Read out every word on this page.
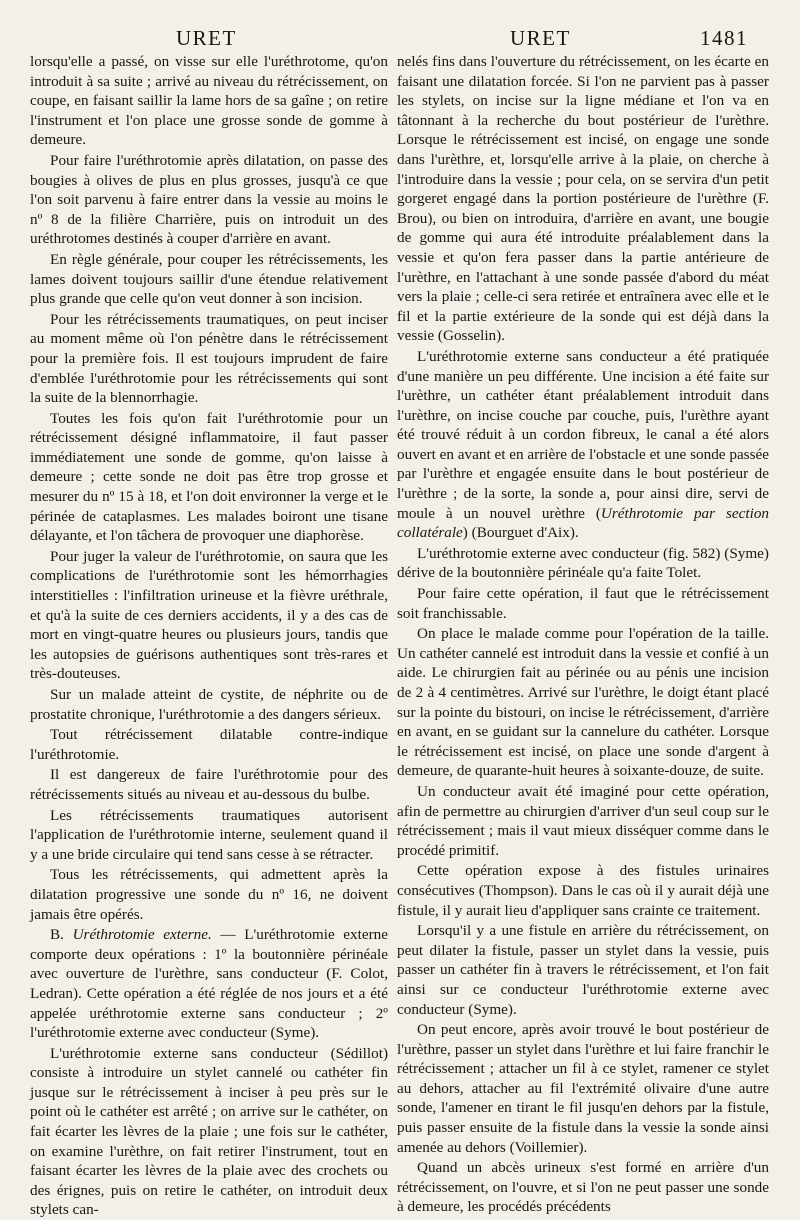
URET	URET	1481

lorsqu'elle a passé, on visse sur elle l'uréthrotome, qu'on introduit à sa suite ; arrivé au niveau du rétrécissement, on coupe, en faisant saillir la lame hors de sa gaîne ; on retire l'instrument et l'on place une grosse sonde de gomme à demeure.

Pour faire l'uréthrotomie après dilatation, on passe des bougies à olives de plus en plus grosses, jusqu'à ce que l'on soit parvenu à faire entrer dans la vessie au moins le nº 8 de la filière Charrière, puis on introduit un des uréthrotomes destinés à couper d'arrière en avant.

En règle générale, pour couper les rétrécissements, les lames doivent toujours saillir d'une étendue relativement plus grande que celle qu'on veut donner à son incision.

Pour les rétrécissements traumatiques, on peut inciser au moment même où l'on pénètre dans le rétrécissement pour la première fois. Il est toujours imprudent de faire d'emblée l'uréthrotomie pour les rétrécissements qui sont la suite de la blennorrhagie.

Toutes les fois qu'on fait l'uréthrotomie pour un rétrécissement désigné inflammatoire, il faut passer immédiatement une sonde de gomme, qu'on laisse à demeure ; cette sonde ne doit pas être trop grosse et mesurer du nº 15 à 18, et l'on doit environner la verge et le périnée de cataplasmes. Les malades boiront une tisane délayante, et l'on tâchera de provoquer une diaphorèse.

Pour juger la valeur de l'uréthrotomie, on saura que les complications de l'uréthrotomie sont les hémorrhagies interstitielles : l'infiltration urineuse et la fièvre uréthrale, et qu'à la suite de ces derniers accidents, il y a des cas de mort en vingt-quatre heures ou plusieurs jours, tandis que les autopsies de guérisons authentiques sont très-rares et très-douteuses.

Sur un malade atteint de cystite, de néphrite ou de prostatite chronique, l'uréthrotomie a des dangers sérieux.

Tout rétrécissement dilatable contre-indique l'uréthrotomie.

Il est dangereux de faire l'uréthrotomie pour des rétrécissements situés au niveau et au-dessous du bulbe.

Les rétrécissements traumatiques autorisent l'application de l'uréthrotomie interne, seulement quand il y a une bride circulaire qui tend sans cesse à se rétracter.

Tous les rétrécissements, qui admettent après la dilatation progressive une sonde du nº 16, ne doivent jamais être opérés.

B. Uréthrotomie externe. — L'uréthrotomie externe comporte deux opérations : 1º la boutonnière périnéale avec ouverture de l'urèthre, sans conducteur (F. Colot, Ledran). Cette opération a été réglée de nos jours et a été appelée uréthrotomie externe sans conducteur ; 2º l'uréthrotomie externe avec conducteur (Syme).

L'uréthrotomie externe sans conducteur (Sédillot) consiste à introduire un stylet cannelé ou cathéter fin jusque sur le rétrécissement à inciser à peu près sur le point où le cathéter est arrêté ; on arrive sur le cathéter, on fait écarter les lèvres de la plaie ; une fois sur le cathéter, on examine l'urèthre, on fait retirer l'instrument, tout en faisant écarter les lèvres de la plaie avec des crochets ou des érignes, puis on retire le cathéter, on introduit deux stylets can-

nelés fins dans l'ouverture du rétrécissement, on les écarte en faisant une dilatation forcée. Si l'on ne parvient pas à passer les stylets, on incise sur la ligne médiane et l'on va en tâtonnant à la recherche du bout postérieur de l'urèthre. Lorsque le rétrécissement est incisé, on engage une sonde dans l'urèthre, et, lorsqu'elle arrive à la plaie, on cherche à l'introduire dans la vessie ; pour cela, on se servira d'un petit gorgeret engagé dans la portion postérieure de l'urèthre (F. Brou), ou bien on introduira, d'arrière en avant, une bougie de gomme qui aura été introduite préalablement dans la vessie et qu'on fera passer dans la partie antérieure de l'urèthre, en l'attachant à une sonde passée d'abord du méat vers la plaie ; celle-ci sera retirée et entraînera avec elle et le fil et la partie extérieure de la sonde qui est déjà dans la vessie (Gosselin).

L'uréthrotomie externe sans conducteur a été pratiquée d'une manière un peu différente. Une incision a été faite sur l'urèthre, un cathéter étant préalablement introduit dans l'urèthre, on incise couche par couche, puis, l'urèthre ayant été trouvé réduit à un cordon fibreux, le canal a été alors ouvert en avant et en arrière de l'obstacle et une sonde passée par l'urèthre et engagée ensuite dans le bout postérieur de l'urèthre ; de la sorte, la sonde a, pour ainsi dire, servi de moule à un nouvel urèthre (Uréthrotomie par section collatérale) (Bourguet d'Aix).

L'uréthrotomie externe avec conducteur (fig. 582) (Syme) dérive de la boutonnière périnéale qu'a faite Tolet.

Pour faire cette opération, il faut que le rétrécissement soit franchissable.

On place le malade comme pour l'opération de la taille. Un cathéter cannelé est introduit dans la vessie et confié à un aide. Le chirurgien fait au périnée ou au pénis une incision de 2 à 4 centimètres. Arrivé sur l'urèthre, le doigt étant placé sur la pointe du bistouri, on incise le rétrécissement, d'arrière en avant, en se guidant sur la cannelure du cathéter. Lorsque le rétrécissement est incisé, on place une sonde d'argent à demeure, de quarante-huit heures à soixante-douze, de suite.

Un conducteur avait été imaginé pour cette opération, afin de permettre au chirurgien d'arriver d'un seul coup sur le rétrécissement ; mais il vaut mieux disséquer comme dans le procédé primitif.

Cette opération expose à des fistules urinaires consécutives (Thompson). Dans le cas où il y aurait déjà une fistule, il y aurait lieu d'appliquer sans crainte ce traitement.

Lorsqu'il y a une fistule en arrière du rétrécissement, on peut dilater la fistule, passer un stylet dans la vessie, puis passer un cathéter fin à travers le rétrécissement, et l'on fait ainsi sur ce conducteur l'uréthrotomie externe avec conducteur (Syme).

On peut encore, après avoir trouvé le bout postérieur de l'urèthre, passer un stylet dans l'urèthre et lui faire franchir le rétrécissement ; attacher un fil à ce stylet, ramener ce stylet au dehors, attacher au fil l'extrémité olivaire d'une autre sonde, l'amener en tirant le fil jusqu'en dehors par la fistule, puis passer ensuite de la fistule dans la vessie la sonde ainsi amenée au dehors (Voillemier).

Quand un abcès urineux s'est formé en arrière d'un rétrécissement, on l'ouvre, et si l'on ne peut passer une sonde à demeure, les procédés précédents
